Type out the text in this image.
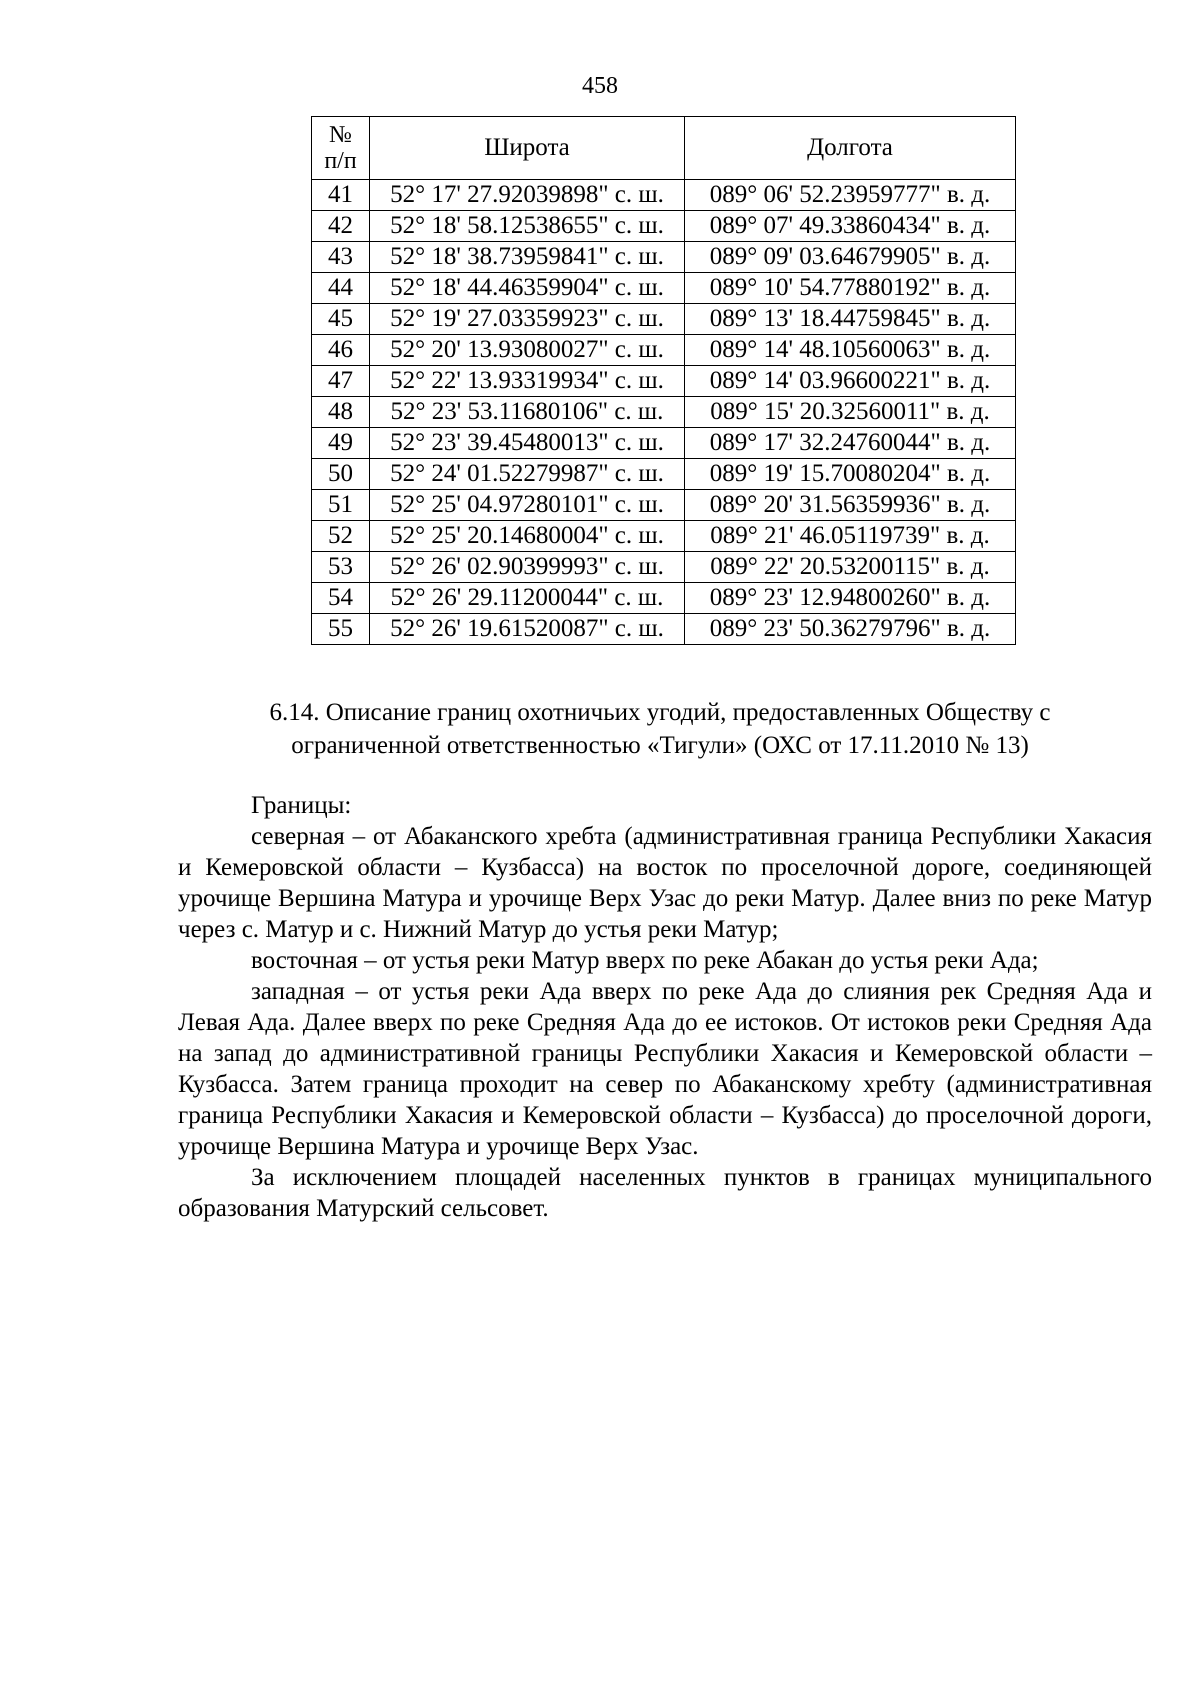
458
№
п/п	Широта	Долгота
41	52° 17' 27.92039898" с. ш.	089° 06' 52.23959777" в. д.
42	52° 18' 58.12538655" с. ш.	089° 07' 49.33860434" в. д.
43	52° 18' 38.73959841" с. ш.	089° 09' 03.64679905" в. д.
44	52° 18' 44.46359904" с. ш.	089° 10' 54.77880192" в. д.
45	52° 19' 27.03359923" с. ш.	089° 13' 18.44759845" в. д.
46	52° 20' 13.93080027" с. ш.	089° 14' 48.10560063" в. д.
47	52° 22' 13.93319934" с. ш.	089° 14' 03.96600221" в. д.
48	52° 23' 53.11680106" с. ш.	089° 15' 20.32560011" в. д.
49	52° 23' 39.45480013" с. ш.	089° 17' 32.24760044" в. д.
50	52° 24' 01.52279987" с. ш.	089° 19' 15.70080204" в. д.
51	52° 25' 04.97280101" с. ш.	089° 20' 31.56359936" в. д.
52	52° 25' 20.14680004" с. ш.	089° 21' 46.05119739" в. д.
53	52° 26' 02.90399993" с. ш.	089° 22' 20.53200115" в. д.
54	52° 26' 29.11200044" с. ш.	089° 23' 12.94800260" в. д.
55	52° 26' 19.61520087" с. ш.	089° 23' 50.36279796" в. д.
6.14. Описание границ охотничьих угодий, предоставленных Обществу с
ограниченной ответственностью «Тигули» (ОХС от 17.11.2010 № 13)

Границы:

северная – от Абаканского хребта (административная граница Республики Хакасия и Кемеровской области – Кузбасса) на восток по проселочной дороге, соединяющей урочище Вершина Матура и урочище Верх Узас до реки Матур. Далее вниз по реке Матур через с. Матур и с. Нижний Матур до устья реки Матур;

восточная – от устья реки Матур вверх по реке Абакан до устья реки Ада;

западная – от устья реки Ада вверх по реке Ада до слияния рек Средняя Ада и Левая Ада. Далее вверх по реке Средняя Ада до ее истоков. От истоков реки Средняя Ада на запад до административной границы Республики Хакасия и Кемеровской области – Кузбасса. Затем граница проходит на север по Абаканскому хребту (административная граница Республики Хакасия и Кемеровской области – Кузбасса) до проселочной дороги, урочище Вершина Матура и урочище Верх Узас.

За исключением площадей населенных пунктов в границах муниципального образования Матурский сельсовет.
